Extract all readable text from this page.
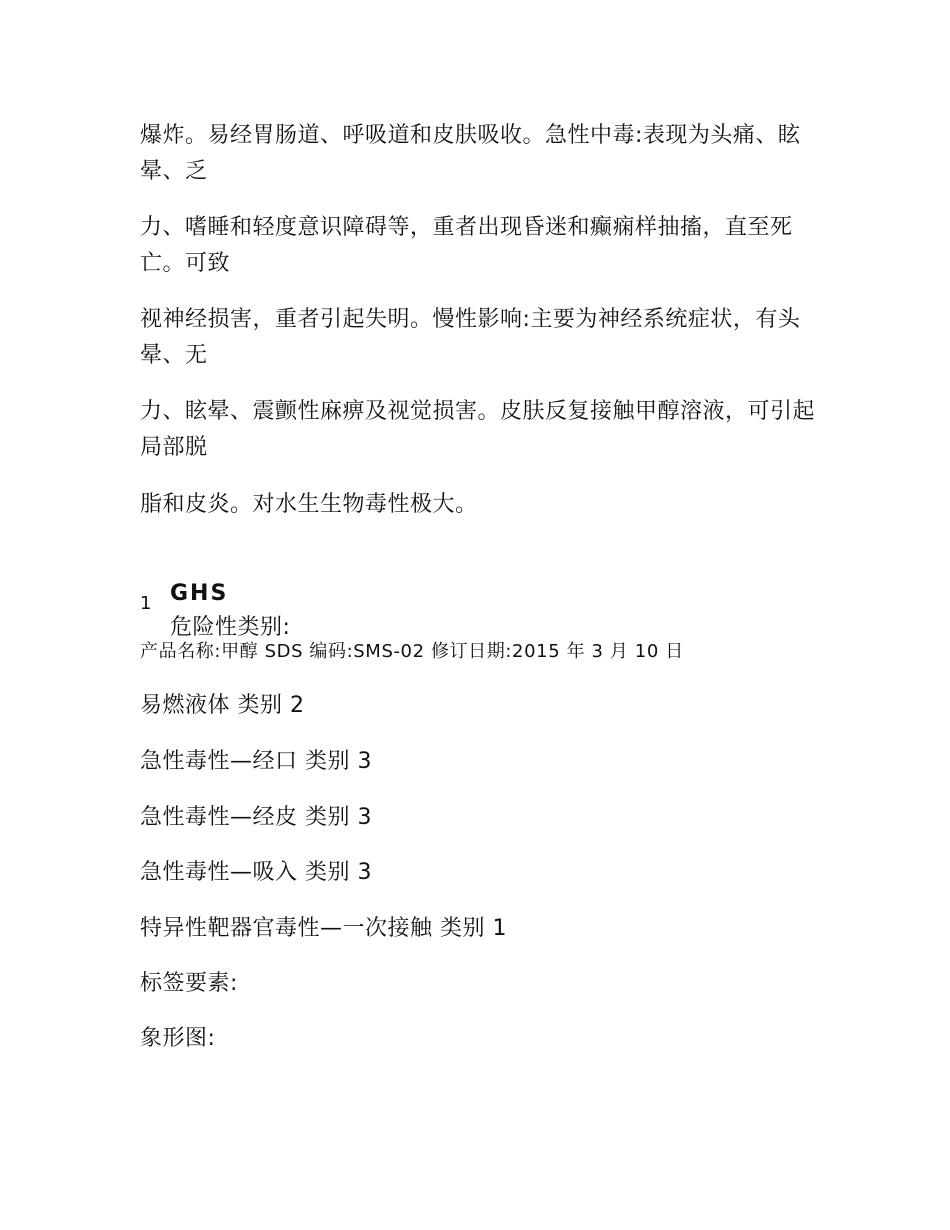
爆炸。易经胃肠道、呼吸道和皮肤吸收。急性中毒:表现为头痛、眩晕、乏
力、嗜睡和轻度意识障碍等，重者出现昏迷和癫痫样抽搐，直至死亡。可致
视神经损害，重者引起失明。慢性影响:主要为神经系统症状，有头晕、无
力、眩晕、震颤性麻痹及视觉损害。皮肤反复接触甲醇溶液，可引起局部脱
脂和皮炎。对水生生物毒性极大。

GHS
危险性类别:

1
产品名称:甲醇 SDS 编码:SMS-02 修订日期:2015 年 3 月 10 日
易燃液体 类别 2
急性毒性—经口 类别 3
急性毒性—经皮 类别 3
急性毒性—吸入 类别 3
特异性靶器官毒性—一次接触 类别 1
标签要素:
象形图:
